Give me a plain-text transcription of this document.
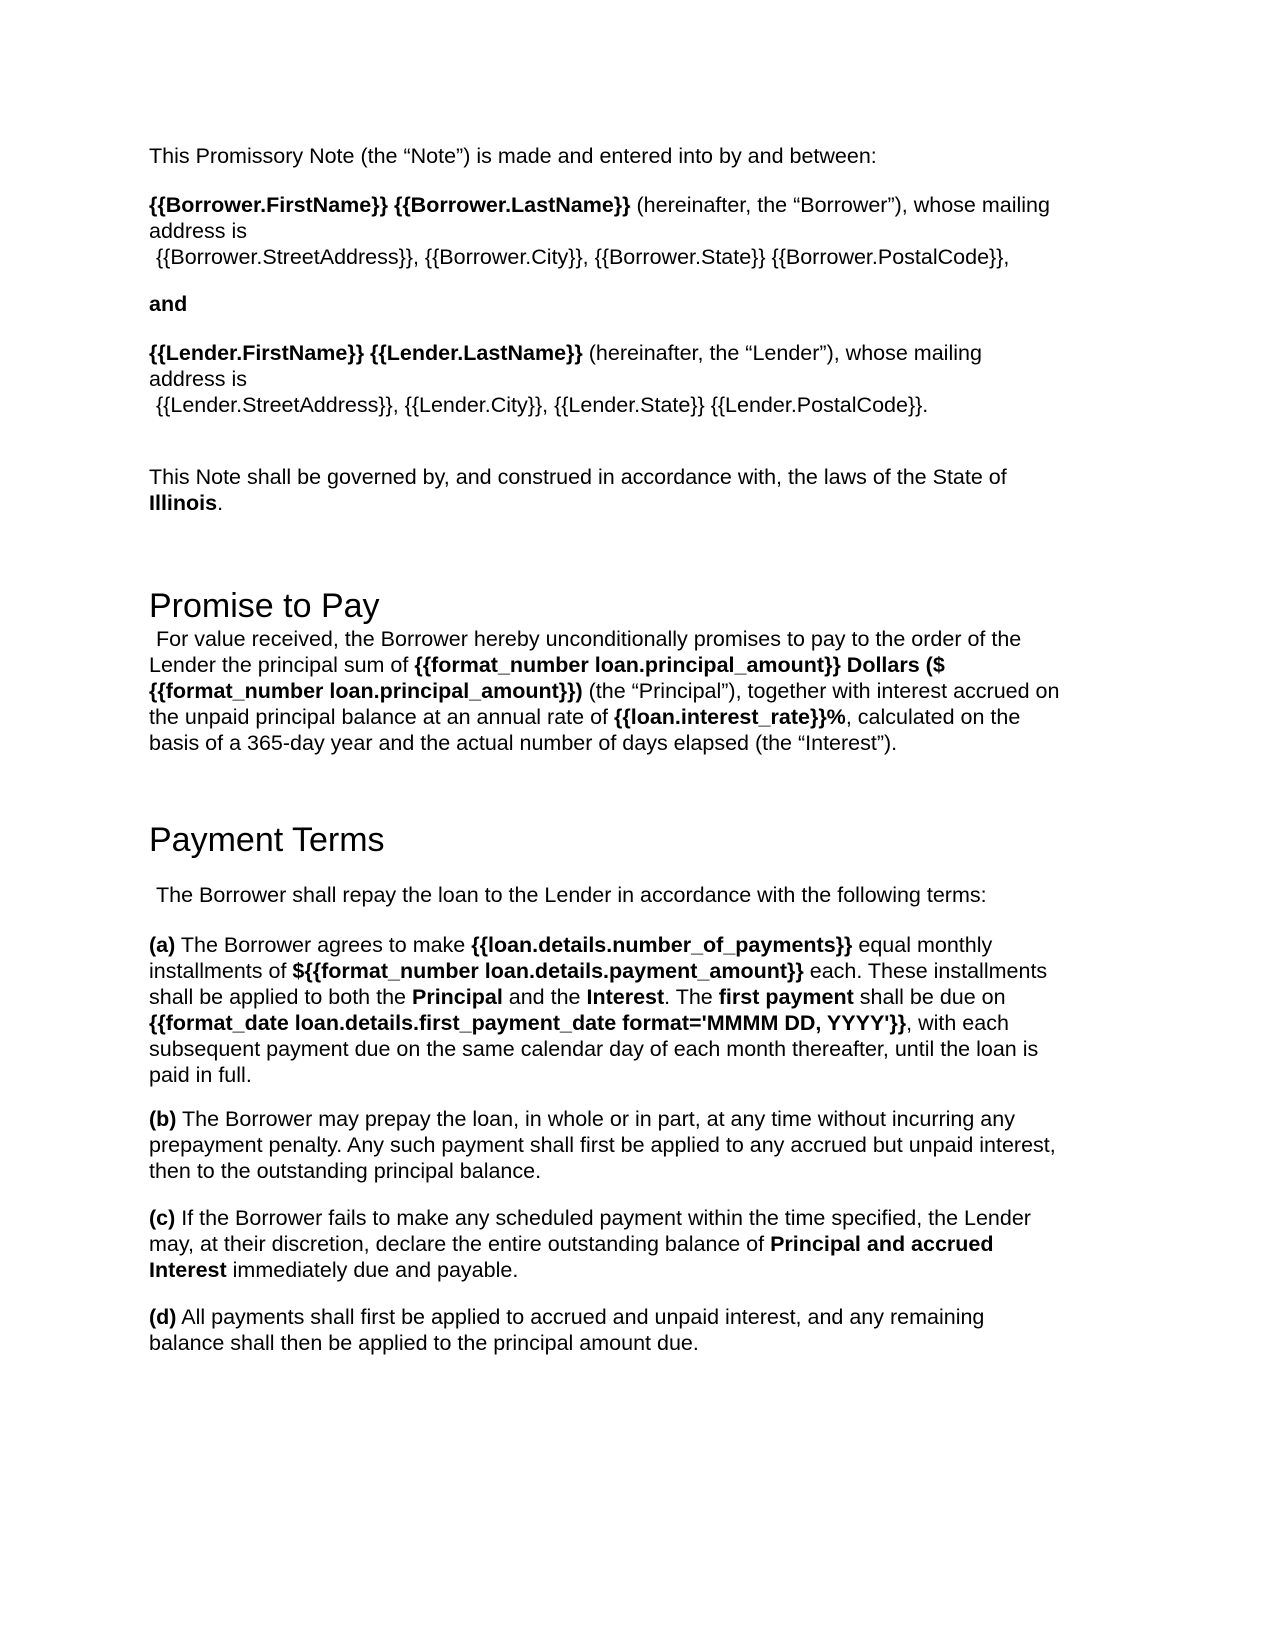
This Promissory Note (the “Note”) is made and entered into by and between:

{{Borrower.FirstName}} {{Borrower.LastName}} (hereinafter, the “Borrower”), whose mailing
address is
{{Borrower.StreetAddress}}, {{Borrower.City}}, {{Borrower.State}} {{Borrower.PostalCode}},

and

{{Lender.FirstName}} {{Lender.LastName}} (hereinafter, the “Lender”), whose mailing
address is
{{Lender.StreetAddress}}, {{Lender.City}}, {{Lender.State}} {{Lender.PostalCode}}.

This Note shall be governed by, and construed in accordance with, the laws of the State of
Illinois.

Promise to Pay

For value received, the Borrower hereby unconditionally promises to pay to the order of the
Lender the principal sum of {{format_number loan.principal_amount}} Dollars ($
{{format_number loan.principal_amount}}) (the “Principal”), together with interest accrued on
the unpaid principal balance at an annual rate of {{loan.interest_rate}}%, calculated on the
basis of a 365-day year and the actual number of days elapsed (the “Interest”).

Payment Terms

The Borrower shall repay the loan to the Lender in accordance with the following terms:

(a) The Borrower agrees to make {{loan.details.number_of_payments}} equal monthly
installments of ${{format_number loan.details.payment_amount}} each. These installments
shall be applied to both the Principal and the Interest. The first payment shall be due on
{{format_date loan.details.first_payment_date format='MMMM DD, YYYY'}}, with each
subsequent payment due on the same calendar day of each month thereafter, until the loan is
paid in full.

(b) The Borrower may prepay the loan, in whole or in part, at any time without incurring any
prepayment penalty. Any such payment shall first be applied to any accrued but unpaid interest,
then to the outstanding principal balance.

(c) If the Borrower fails to make any scheduled payment within the time specified, the Lender
may, at their discretion, declare the entire outstanding balance of Principal and accrued
Interest immediately due and payable.

(d) All payments shall first be applied to accrued and unpaid interest, and any remaining
balance shall then be applied to the principal amount due.
